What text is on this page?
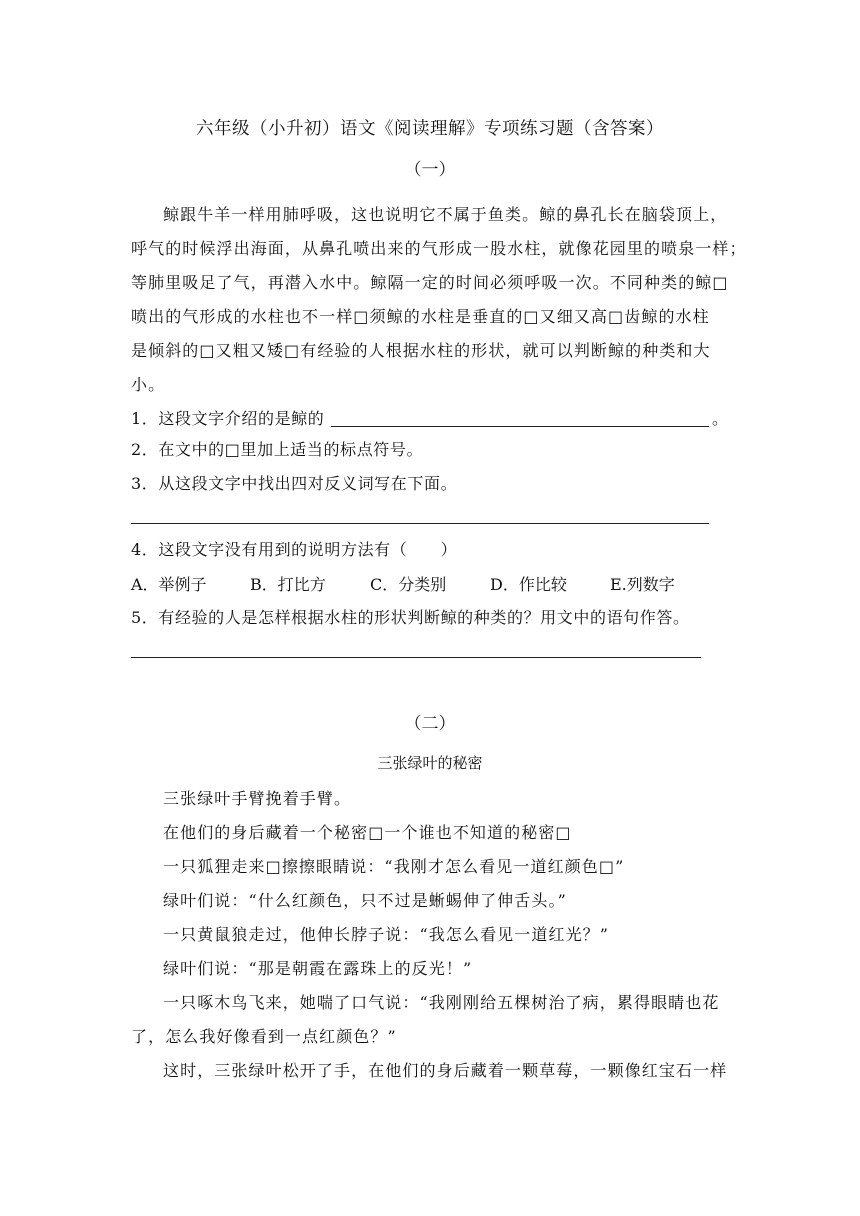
六年级（小升初）语文《阅读理解》专项练习题（含答案）
（一）
鲸跟牛羊一样用肺呼吸，这也说明它不属于鱼类。鲸的鼻孔长在脑袋顶上，
呼气的时候浮出海面，从鼻孔喷出来的气形成一股水柱，就像花园里的喷泉一样；
等肺里吸足了气，再潜入水中。鲸隔一定的时间必须呼吸一次。不同种类的鲸□
喷出的气形成的水柱也不一样□须鲸的水柱是垂直的□又细又高□齿鲸的水柱
是倾斜的□又粗又矮□有经验的人根据水柱的形状，就可以判断鲸的种类和大
小。
1．这段文字介绍的是鲸的	。
2．在文中的□里加上适当的标点符号。
3．从这段文字中找出四对反义词写在下面。
4．这段文字没有用到的说明方法有（　　）
A．举例子	B．打比方	C．分类别	D．作比较	E.列数字
5．有经验的人是怎样根据水柱的形状判断鲸的种类的？用文中的语句作答。
（二）
三张绿叶的秘密
三张绿叶手臂挽着手臂。
在他们的身后藏着一个秘密□一个谁也不知道的秘密□
一只狐狸走来□擦擦眼睛说：“我刚才怎么看见一道红颜色□”
绿叶们说：“什么红颜色，只不过是蜥蜴伸了伸舌头。”
一只黄鼠狼走过，他伸长脖子说：“我怎么看见一道红光？”
绿叶们说：“那是朝霞在露珠上的反光！”
一只啄木鸟飞来，她喘了口气说：“我刚刚给五棵树治了病，累得眼睛也花
了，怎么我好像看到一点红颜色？”
这时，三张绿叶松开了手，在他们的身后藏着一颗草莓，一颗像红宝石一样
